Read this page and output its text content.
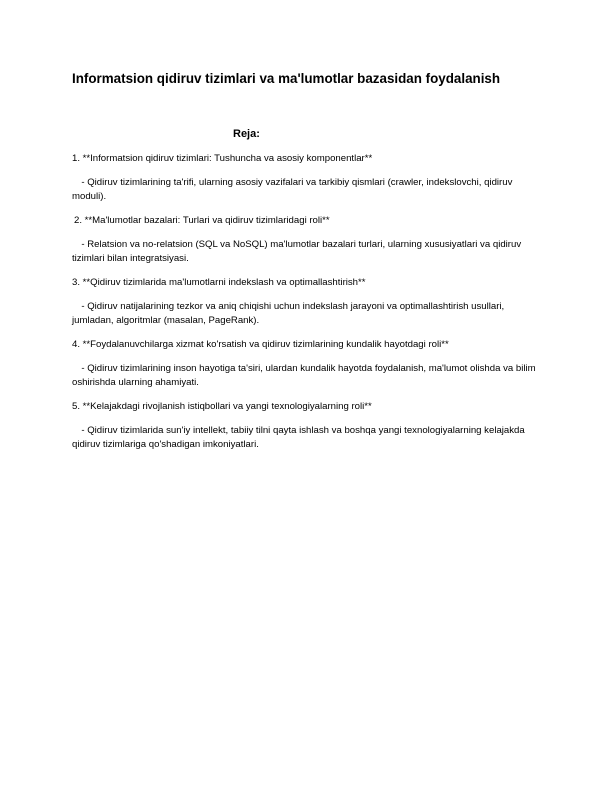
Informatsion qidiruv tizimlari va ma'lumotlar bazasidan foydalanish
Reja:
1. **Informatsion qidiruv tizimlari: Tushuncha va asosiy komponentlar**
- Qidiruv tizimlarining ta'rifi, ularning asosiy vazifalari va tarkibiy qismlari (crawler, indekslovchi, qidiruv moduli).
2. **Ma'lumotlar bazalari: Turlari va qidiruv tizimlaridagi roli**
- Relatsion va no-relatsion (SQL va NoSQL) ma'lumotlar bazalari turlari, ularning xususiyatlari va qidiruv tizimlari bilan integratsiyasi.
3. **Qidiruv tizimlarida ma'lumotlarni indekslash va optimallashtirish**
- Qidiruv natijalarining tezkor va aniq chiqishi uchun indekslash jarayoni va optimallashtirish usullari, jumladan, algoritmlar (masalan, PageRank).
4. **Foydalanuvchilarga xizmat ko'rsatish va qidiruv tizimlarining kundalik hayotdagi roli**
- Qidiruv tizimlarining inson hayotiga ta'siri, ulardan kundalik hayotda foydalanish, ma'lumot olishda va bilim oshirishda ularning ahamiyati.
5. **Kelajakdagi rivojlanish istiqbollari va yangi texnologiyalarning roli**
- Qidiruv tizimlarida sun'iy intellekt, tabiiy tilni qayta ishlash va boshqa yangi texnologiyalarning kelajakda qidiruv tizimlariga qo'shadigan imkoniyatlari.
